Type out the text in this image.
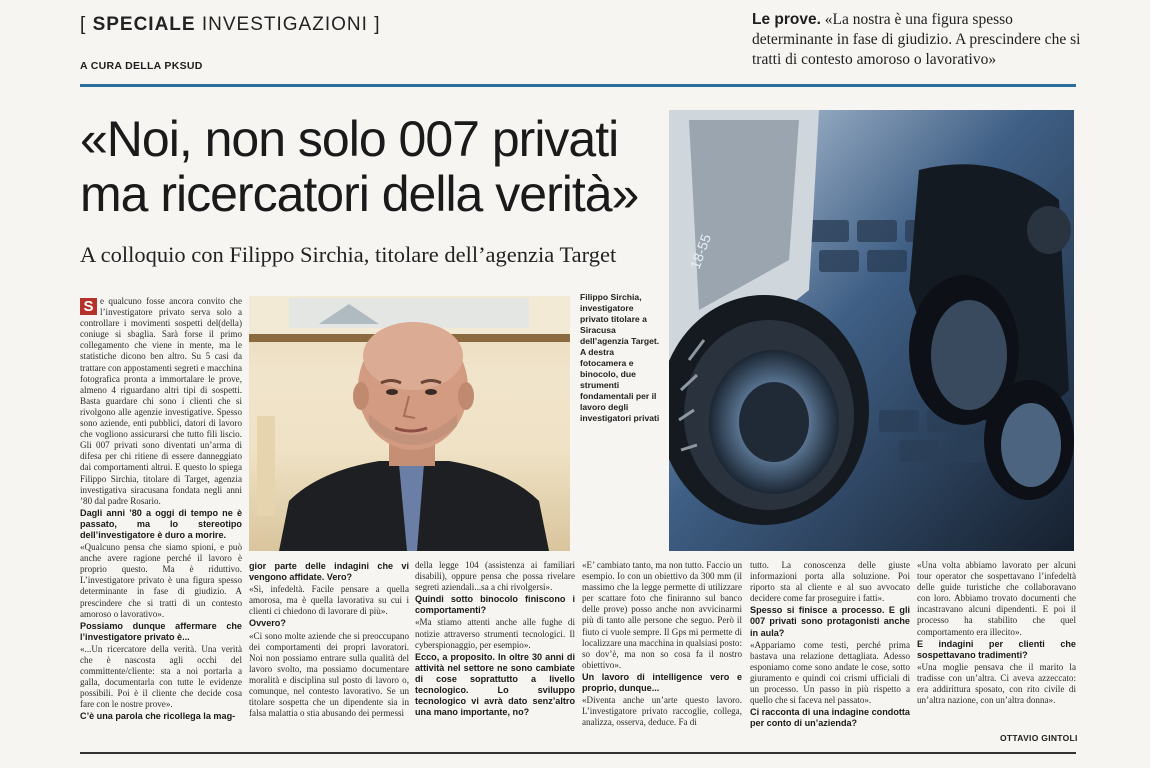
[ SPECIALE INVESTIGAZIONI ]
A CURA DELLA PKSUD
Le prove. «La nostra è una figura spesso determinante in fase di giudizio. A prescindere che si tratti di contesto amoroso o lavorativo»
«Noi, non solo 007 privati
ma ricercatori della verità»
A colloquio con Filippo Sirchia, titolare dell’agenzia Target
Filippo Sirchia, investigatore privato titolare a Siracusa dell’agenzia Target. A destra fotocamera e binocolo, due strumenti fondamentali per il lavoro degli investigatori privati
18-55
S e qualcuno fosse ancora convito che l’investigatore privato serva solo a controllare i movimenti sospetti del(della) coniuge si sbaglia. Sarà forse il primo collegamento che viene in mente, ma le statistiche dicono ben altro. Su 5 casi da trattare con appostamenti segreti e macchina fotografica pronta a immortalare le prove, almeno 4 riguardano altri tipi di sospetti. Basta guardare chi sono i clienti che si rivolgono alle agenzie investigative. Spesso sono aziende, enti pubblici, datori di lavoro che vogliono assicurarsi che tutto fili liscio. Gli 007 privati sono diventati un’arma di difesa per chi ritiene di essere danneggiato dai comportamenti altrui. E questo lo spiega Filippo Sirchia, titolare di Target, agenzia investigativa siracusana fondata negli anni ’80 dal padre Rosario.

Dagli anni ’80 a oggi di tempo ne è passato, ma lo stereotipo dell’investigatore è duro a morire.

«Qualcuno pensa che siamo spioni, e può anche avere ragione perché il lavoro è proprio questo. Ma è riduttivo. L’investigatore privato è una figura spesso determinante in fase di giudizio. A prescindere che si tratti di un contesto amoroso o lavorativo».

Possiamo dunque affermare che l’investigatore privato è...

«...Un ricercatore della verità. Una verità che è nascosta agli occhi del committente/cliente: sta a noi portarla a galla, documentarla con tutte le evidenze possibili. Poi è il cliente che decide cosa fare con le nostre prove».

C’è una parola che ricollega la mag-

gior parte delle indagini che vi vengono affidate. Vero?

«Sì, infedeltà. Facile pensare a quella amorosa, ma è quella lavorativa su cui i clienti ci chiedono di lavorare di più».

Ovvero?

«Ci sono molte aziende che si preoccupano dei comportamenti dei propri lavoratori. Noi non possiamo entrare sulla qualità del lavoro svolto, ma possiamo documentare moralità e disciplina sul posto di lavoro o, comunque, nel contesto lavorativo. Se un titolare sospetta che un dipendente sia in falsa malattia o stia abusando dei permessi

della legge 104 (assistenza ai familiari disabili), oppure pensa che possa rivelare segreti aziendali...sa a chi rivolgersi».

Quindi sotto binocolo finiscono i comportamenti?

«Ma stiamo attenti anche alle fughe di notizie attraverso strumenti tecnologici. Il cyberspionaggio, per esempio».

Ecco, a proposito. In oltre 30 anni di attività nel settore ne sono cambiate di cose soprattutto a livello tecnologico. Lo sviluppo tecnologico vi avrà dato senz’altro una mano importante, no?

«E’ cambiato tanto, ma non tutto. Faccio un esempio. Io con un obiettivo da 300 mm (il massimo che la legge permette di utilizzare per scattare foto che finiranno sul banco delle prove) posso anche non avvicinarmi più di tanto alle persone che seguo. Però il fiuto ci vuole sempre. Il Gps mi permette di localizzare una macchina in qualsiasi posto: so dov’è, ma non so cosa fa il nostro obiettivo».

Un lavoro di intelligence vero e proprio, dunque...

«Diventa anche un’arte questo lavoro. L’investigatore privato raccoglie, collega, analizza, osserva, deduce. Fa di

tutto. La conoscenza delle giuste informazioni porta alla soluzione. Poi riporto sta al cliente e al suo avvocato decidere come far proseguire i fatti».

Spesso si finisce a processo. E gli 007 privati sono protagonisti anche in aula?

«Appariamo come testi, perché prima bastava una relazione dettagliata. Adesso esponiamo come sono andate le cose, sotto giuramento e quindi coi crismi ufficiali di un processo. Un passo in più rispetto a quello che si faceva nel passato».

Ci racconta di una indagine condotta per conto di un’azienda?

«Una volta abbiamo lavorato per alcuni tour operator che sospettavano l’infedeltà delle guide turistiche che collaboravano con loro. Abbiamo trovato documenti che incastravano alcuni dipendenti. E poi il processo ha stabilito che quel comportamento era illecito».

E indagini per clienti che sospettavano tradimenti?

«Una moglie pensava che il marito la tradisse con un’altra. Ci aveva azzeccato: era addirittura sposato, con rito civile di un’altra nazione, con un’altra donna».

OTTAVIO GINTOLI
